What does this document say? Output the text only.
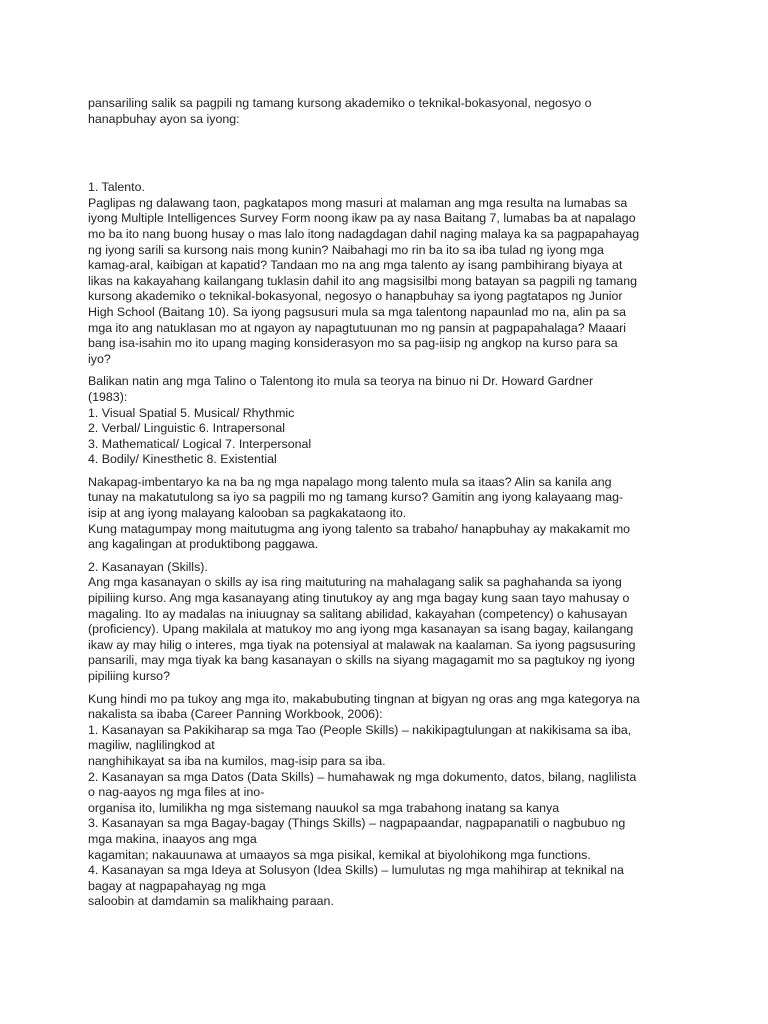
pansariling salik sa pagpili ng tamang kursong akademiko o teknikal-bokasyonal, negosyo o
hanapbuhay ayon sa iyong:

1. Talento.
Paglipas ng dalawang taon, pagkatapos mong masuri at malaman ang mga resulta na lumabas sa
iyong Multiple Intelligences Survey Form noong ikaw pa ay nasa Baitang 7, lumabas ba at napalago
mo ba ito nang buong husay o mas lalo itong nadagdagan dahil naging malaya ka sa pagpapahayag
ng iyong sarili sa kursong nais mong kunin? Naibahagi mo rin ba ito sa iba tulad ng iyong mga
kamag-aral, kaibigan at kapatid? Tandaan mo na ang mga talento ay isang pambihirang biyaya at
likas na kakayahang kailangang tuklasin dahil ito ang magsisilbi mong batayan sa pagpili ng tamang
kursong akademiko o teknikal-bokasyonal, negosyo o hanapbuhay sa iyong pagtatapos ng Junior
High School (Baitang 10). Sa iyong pagsusuri mula sa mga talentong napaunlad mo na, alin pa sa
mga ito ang natuklasan mo at ngayon ay napagtutuunan mo ng pansin at pagpapahalaga? Maaari
bang isa-isahin mo ito upang maging konsiderasyon mo sa pag-iisip ng angkop na kurso para sa
iyo?

Balikan natin ang mga Talino o Talentong ito mula sa teorya na binuo ni Dr. Howard Gardner
(1983):
1. Visual Spatial 5. Musical/ Rhythmic
2. Verbal/ Linguistic 6. Intrapersonal
3. Mathematical/ Logical 7. Interpersonal
4. Bodily/ Kinesthetic 8. Existential

Nakapag-imbentaryo ka na ba ng mga napalago mong talento mula sa itaas? Alin sa kanila ang
tunay na makatutulong sa iyo sa pagpili mo ng tamang kurso? Gamitin ang iyong kalayaang mag-
isip at ang iyong malayang kalooban sa pagkakataong ito.
Kung matagumpay mong maitutugma ang iyong talento sa trabaho/ hanapbuhay ay makakamit mo
ang kagalingan at produktibong paggawa.

2. Kasanayan (Skills).
Ang mga kasanayan o skills ay isa ring maituturing na mahalagang salik sa paghahanda sa iyong
pipiliing kurso. Ang mga kasanayang ating tinutukoy ay ang mga bagay kung saan tayo mahusay o
magaling. Ito ay madalas na iniuugnay sa salitang abilidad, kakayahan (competency) o kahusayan
(proficiency). Upang makilala at matukoy mo ang iyong mga kasanayan sa isang bagay, kailangang
ikaw ay may hilig o interes, mga tiyak na potensiyal at malawak na kaalaman. Sa iyong pagsusuring
pansarili, may mga tiyak ka bang kasanayan o skills na siyang magagamit mo sa pagtukoy ng iyong
pipiliing kurso?

Kung hindi mo pa tukoy ang mga ito, makabubuting tingnan at bigyan ng oras ang mga kategorya na
nakalista sa ibaba (Career Panning Workbook, 2006):
1. Kasanayan sa Pakikiharap sa mga Tao (People Skills) – nakikipagtulungan at nakikisama sa iba,
magiliw, naglilingkod at
nanghihikayat sa iba na kumilos, mag-isip para sa iba.
2. Kasanayan sa mga Datos (Data Skills) – humahawak ng mga dokumento, datos, bilang, naglilista
o nag-aayos ng mga files at ino-
organisa ito, lumilikha ng mga sistemang nauukol sa mga trabahong inatang sa kanya
3. Kasanayan sa mga Bagay-bagay (Things Skills) – nagpapaandar, nagpapanatili o nagbubuo ng
mga makina, inaayos ang mga
kagamitan; nakauunawa at umaayos sa mga pisikal, kemikal at biyolohikong mga functions.
4. Kasanayan sa mga Ideya at Solusyon (Idea Skills) – lumulutas ng mga mahihirap at teknikal na
bagay at nagpapahayag ng mga
saloobin at damdamin sa malikhaing paraan.
